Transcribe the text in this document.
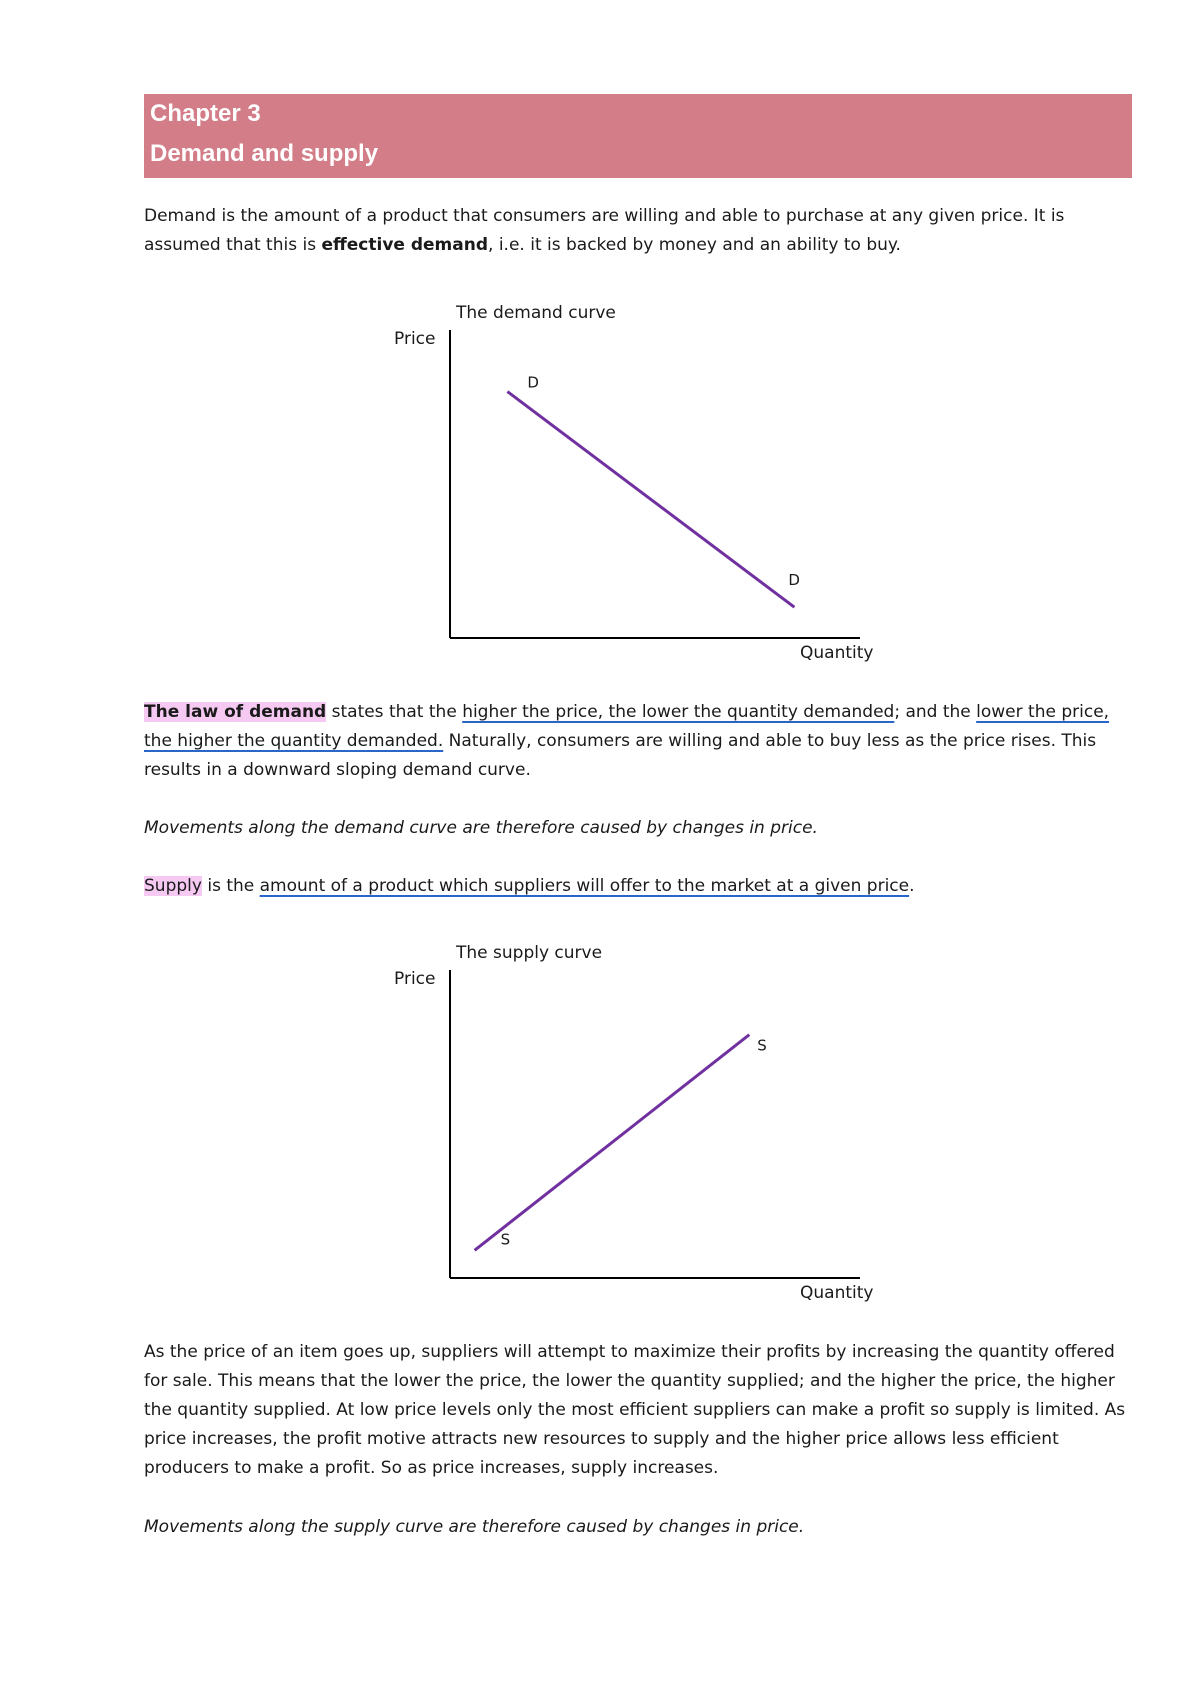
Chapter 3
Demand and supply
Demand is the amount of a product that consumers are willing and able to purchase at any given price. It is assumed that this is effective demand, i.e. it is backed by money and an ability to buy.
The demand curve
Price
Quantity
D
D
The law of demand states that the higher the price, the lower the quantity demanded; and the lower the price, the higher the quantity demanded. Naturally, consumers are willing and able to buy less as the price rises. This results in a downward sloping demand curve.
Movements along the demand curve are therefore caused by changes in price.
Supply is the amount of a product which suppliers will offer to the market at a given price.
The supply curve
Price
Quantity
S
S
As the price of an item goes up, suppliers will attempt to maximize their profits by increasing the quantity offered for sale. This means that the lower the price, the lower the quantity supplied; and the higher the price, the higher the quantity supplied. At low price levels only the most efficient suppliers can make a profit so supply is limited. As price increases, the profit motive attracts new resources to supply and the higher price allows less efficient producers to make a profit. So as price increases, supply increases.
Movements along the supply curve are therefore caused by changes in price.
